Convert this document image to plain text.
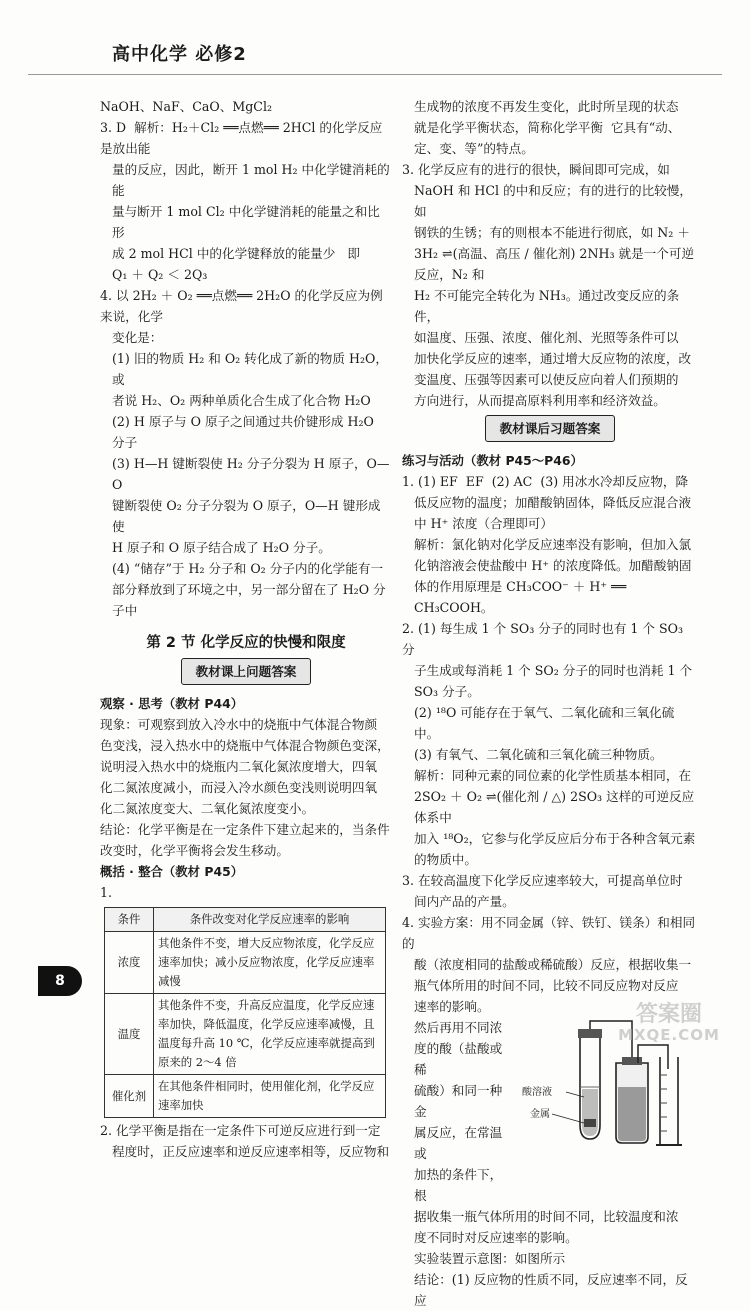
高中化学 必修2

NaOH、NaF、CaO、MgCl₂

3. D  解析：H₂＋Cl₂ ══点燃══ 2HCl 的化学反应是放出能

量的反应，因此，断开 1 mol H₂ 中化学键消耗的能

量与断开 1 mol Cl₂ 中化学键消耗的能量之和比形

成 2 mol HCl 中的化学键释放的能量少   即

Q₁ ＋ Q₂ ＜ 2Q₃

4. 以 2H₂ ＋ O₂ ══点燃══ 2H₂O 的化学反应为例来说，化学

变化是：

(1) 旧的物质 H₂ 和 O₂ 转化成了新的物质 H₂O，或

者说 H₂、O₂ 两种单质化合生成了化合物 H₂O

(2) H 原子与 O 原子之间通过共价键形成 H₂O

分子

(3) H—H 键断裂使 H₂ 分子分裂为 H 原子，O—O

键断裂使 O₂ 分子分裂为 O 原子，O—H 键形成使

H 原子和 O 原子结合成了 H₂O 分子。

(4) “储存”于 H₂ 分子和 O₂ 分子内的化学能有一

部分释放到了环境之中，另一部分留在了 H₂O 分

子中

第 2 节 化学反应的快慢和限度
教材课上问题答案

观察 · 思考（教材 P44）

现象：可观察到放入冷水中的烧瓶中气体混合物颜

色变浅，浸入热水中的烧瓶中气体混合物颜色变深，

说明浸入热水中的烧瓶内二氧化氮浓度增大，四氧

化二氮浓度减小，而浸入冷水颜色变浅则说明四氧

化二氮浓度变大、二氧化氮浓度变小。

结论：化学平衡是在一定条件下建立起来的，当条件

改变时，化学平衡将会发生移动。

概括 · 整合（教材 P45）

1.

条件	条件改变对化学反应速率的影响
浓度	其他条件不变，增大反应物浓度，化学反应速率加快；减小反应物浓度，化学反应速率减慢
温度	其他条件不变，升高反应温度，化学反应速率加快，降低温度，化学反应速率减慢，且温度每升高 10 ℃，化学反应速率就提高到原来的 2～4 倍
催化剂	在其他条件相同时，使用催化剂，化学反应速率加快

2. 化学平衡是指在一定条件下可逆反应进行到一定

程度时，正反应速率和逆反应速率相等，反应物和

生成物的浓度不再发生变化，此时所呈现的状态

就是化学平衡状态，简称化学平衡  它具有“动、

定、变、等”的特点。

3. 化学反应有的进行的很快，瞬间即可完成，如

NaOH 和 HCl 的中和反应；有的进行的比较慢，如

钢铁的生锈；有的则根本不能进行彻底，如 N₂ ＋

3H₂ ⇌(高温、高压 / 催化剂) 2NH₃ 就是一个可逆反应，N₂ 和

H₂ 不可能完全转化为 NH₃。通过改变反应的条件，

如温度、压强、浓度、催化剂、光照等条件可以

加快化学反应的速率，通过增大反应物的浓度，改

变温度、压强等因素可以使反应向着人们预期的

方向进行，从而提高原料利用率和经济效益。

教材课后习题答案

练习与活动（教材 P45～P46）

1. (1) EF  EF  (2) AC  (3) 用冰水冷却反应物，降

低反应物的温度；加醋酸钠固体，降低反应混合液

中 H⁺ 浓度（合理即可）

解析：氯化钠对化学反应速率没有影响，但加入氯

化钠溶液会使盐酸中 H⁺ 的浓度降低。加醋酸钠固

体的作用原理是 CH₃COO⁻ ＋ H⁺ ══ CH₃COOH。

2. (1) 每生成 1 个 SO₃ 分子的同时也有 1 个 SO₃ 分

子生成或每消耗 1 个 SO₂ 分子的同时也消耗 1 个

SO₃ 分子。

(2) ¹⁸O 可能存在于氧气、二氧化硫和三氧化硫中。

(3) 有氧气、二氧化硫和三氧化硫三种物质。

解析：同种元素的同位素的化学性质基本相同，在

2SO₂ ＋ O₂ ⇌(催化剂 / △) 2SO₃ 这样的可逆反应体系中

加入 ¹⁸O₂，它参与化学反应后分布于各种含氧元素

的物质中。

3. 在较高温度下化学反应速率较大，可提高单位时

间内产品的产量。

4. 实验方案：用不同金属（锌、铁钉、镁条）和相同的

酸（浓度相同的盐酸或稀硫酸）反应，根据收集一

瓶气体所用的时间不同，比较不同反应物对反应

速率的影响。

然后再用不同浓

度的酸（盐酸或稀

硫酸）和同一种金

属反应，在常温或

加热的条件下，根

酸溶液
金属

据收集一瓶气体所用的时间不同，比较温度和浓

度不同时对反应速率的影响。

实验装置示意图：如图所示

结论：(1) 反应物的性质不同，反应速率不同，反应

8
答案圈
MXQE.COM
